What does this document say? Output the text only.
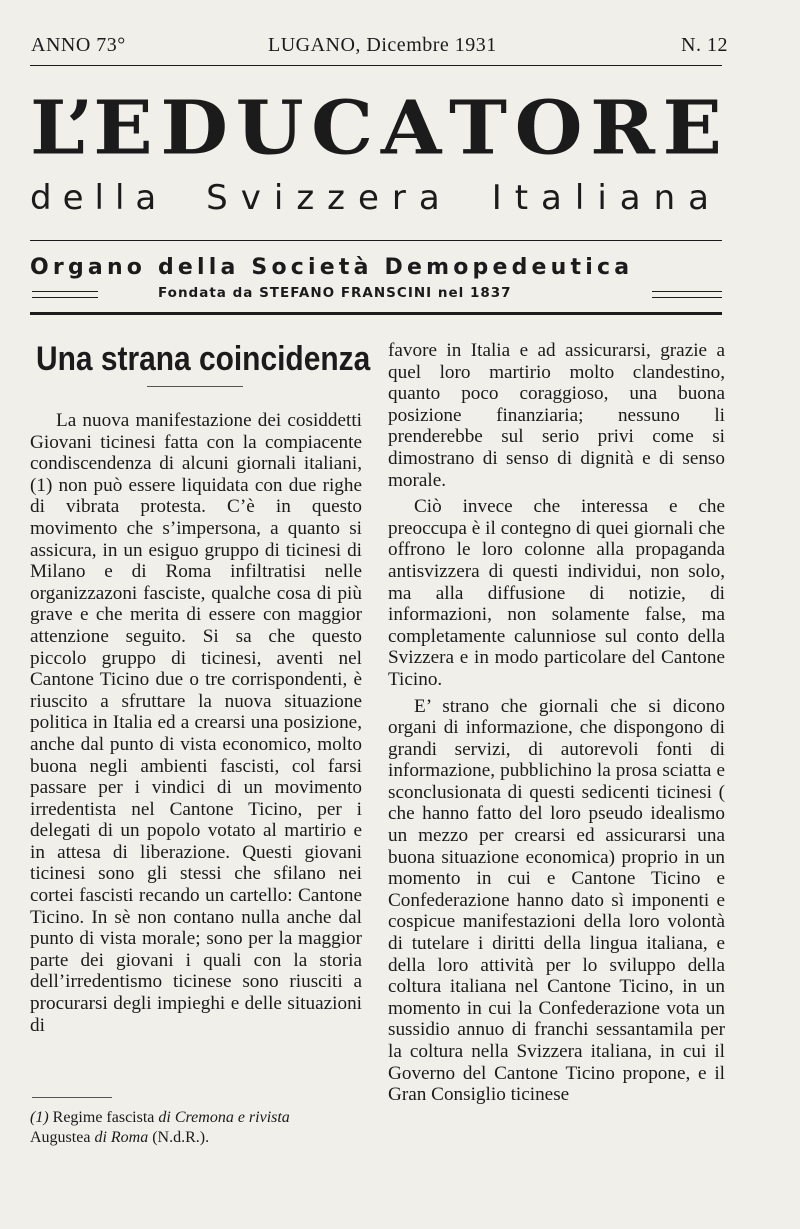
ANNO 73°	LUGANO, Dicembre 1931	N. 12
L’E D U C A T O R E
della Svizzera Italiana
Organo della Società Demopedeutica
Fondata da STEFANO FRANSCINI nel 1837
Una strana coincidenza

La nuova manifestazione dei cosiddetti Giovani ticinesi fatta con la compiacente condiscendenza di alcuni giornali italiani, (1) non può essere liquidata con due righe di vibrata protesta. C’è in questo movimento che s’impersona, a quanto si assicura, in un esiguo gruppo di ticinesi di Milano e di Roma infiltratisi nelle organizzazoni fasciste, qualche cosa di più grave e che merita di essere con maggior attenzione seguito. Si sa che questo piccolo gruppo di ticinesi, aventi nel Cantone Ticino due o tre corrispondenti, è riuscito a sfruttare la nuova situazione politica in Italia ed a crearsi una posizione, anche dal punto di vista economico, molto buona negli ambienti fascisti, col farsi passare per i vindici di un movimento irredentista nel Cantone Ticino, per i delegati di un popolo votato al martirio e in attesa di liberazione. Questi giovani ticinesi sono gli stessi che sfilano nei cortei fascisti recando un cartello: Cantone Ticino. In sè non contano nulla anche dal punto di vista morale; sono per la maggior parte dei giovani i quali con la storia dell’irredentismo ticinese sono riusciti a procurarsi degli impieghi e delle situazioni di

(1) Regime fascista di Cremona e rivista
Augustea di Roma (N.d.R.).

favore in Italia e ad assicurarsi, grazie a quel loro martirio molto clandestino, quanto poco coraggioso, una buona posizione finanziaria; nessuno li prenderebbe sul serio privi come si dimostrano di senso di dignità e di senso morale.

Ciò invece che interessa e che preoccupa è il contegno di quei giornali che offrono le loro colonne alla propaganda antisvizzera di questi individui, non solo, ma alla diffusione di notizie, di informazioni, non solamente false, ma completamente calunniose sul conto della Svizzera e in modo particolare del Cantone Ticino.

E’ strano che giornali che si dicono organi di informazione, che dispongono di grandi servizi, di autorevoli fonti di informazione, pubblichino la prosa sciatta e sconclusionata di questi sedicenti ticinesi ( che hanno fatto del loro pseudo idealismo un mezzo per crearsi ed assicurarsi una buona situazione economica) proprio in un momento in cui e Cantone Ticino e Confederazione hanno dato sì imponenti e cospicue manifestazioni della loro volontà di tutelare i diritti della lingua italiana, e della loro attività per lo sviluppo della coltura italiana nel Cantone Ticino, in un momento in cui la Confederazione vota un sussidio annuo di franchi sessantamila per la coltura nella Svizzera italiana, in cui il Governo del Cantone Ticino propone, e il Gran Consiglio ticinese
